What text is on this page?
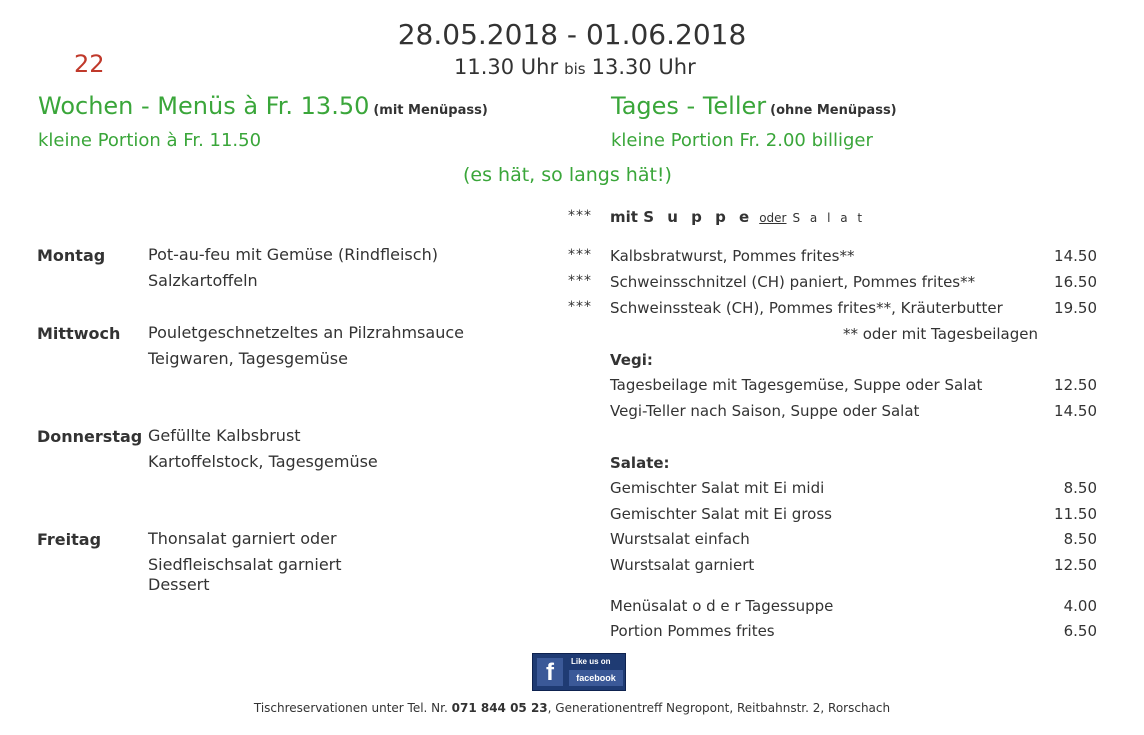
28.05.2018 - 01.06.2018
11.30 Uhr bis 13.30 Uhr
22
Wochen - Menüs à Fr. 13.50 (mit Menüpass)	Tages - Teller (ohne Menüpass)
kleine Portion à Fr. 11.50	kleine Portion Fr. 2.00 billiger
(es hät, so langs hät!)
Montag	Pot-au-feu mit Gemüse (Rindfleisch)
Salzkartoffeln
Mittwoch Pouletgeschnetzeltes an Pilzrahmsauce
Teigwaren, Tagesgemüse
Donnerstag Gefüllte Kalbsbrust
Kartoffelstock, Tagesgemüse
Freitag	Thonsalat garniert oder
Siedfleischsalat garniert
Dessert
*** mit S u p p e oder S a l a t
*** Kalbsbratwurst, Pommes frites**	14.50
*** Schweinsschnitzel (CH) paniert, Pommes frites**	16.50
*** Schweinssteak (CH), Pommes frites**, Kräuterbutter	19.50
** oder mit Tagesbeilagen
Vegi:
Tagesbeilage mit Tagesgemüse, Suppe oder Salat	12.50
Vegi-Teller nach Saison, Suppe oder Salat	14.50
Salate:
Gemischter Salat mit Ei midi	8.50
Gemischter Salat mit Ei gross	11.50
Wurstsalat einfach	8.50
Wurstsalat garniert	12.50
Menüsalat o d e r Tagessuppe	4.00
Portion Pommes frites	6.50
f	Like us on
facebook
Tischreservationen unter Tel. Nr. 071 844 05 23, Generationentreff Negropont, Reitbahnstr. 2, Rorschach
